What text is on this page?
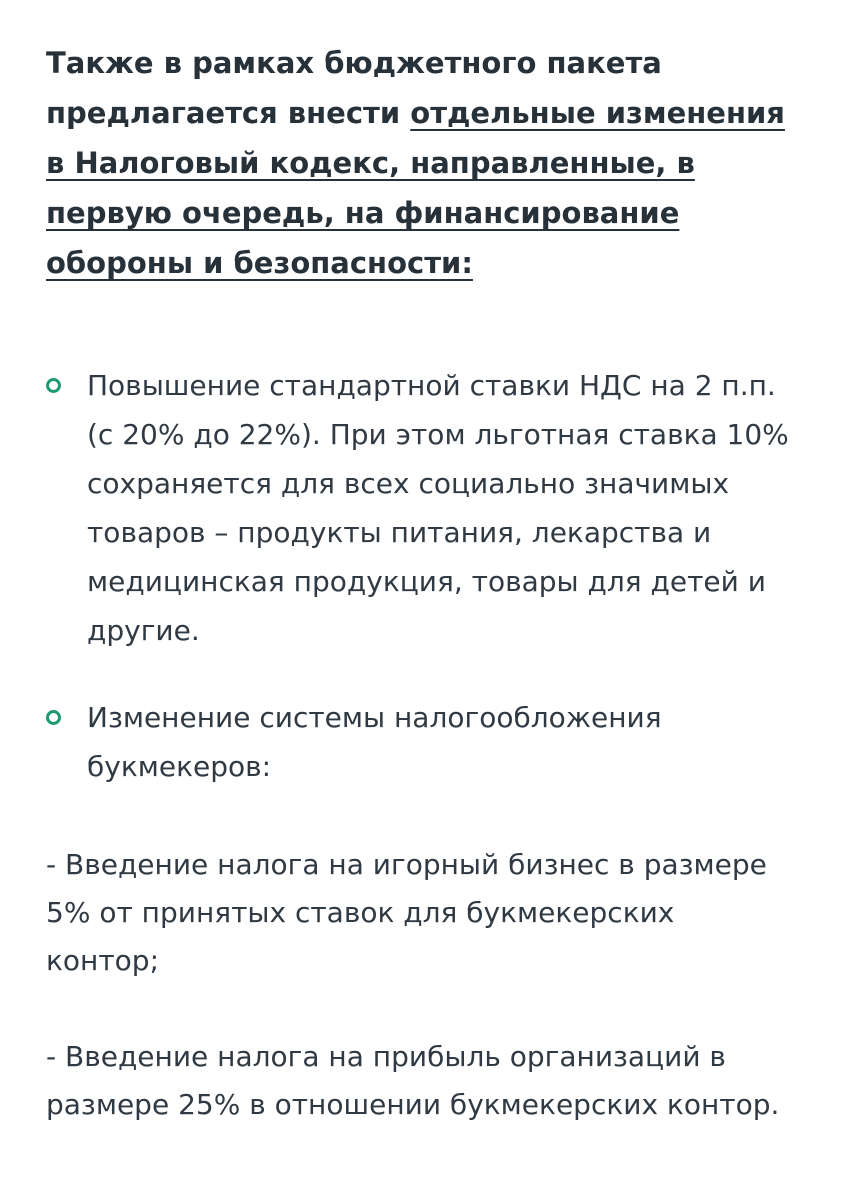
Также в рамках бюджетного пакета предлагается внести отдельные изменения в Налоговый кодекс, направленные, в первую очередь, на финансирование обороны и безопасности:

Повышение стандартной ставки НДС на 2 п.п. (с 20% до 22%). При этом льготная ставка 10% сохраняется для всех социально значимых товаров – продукты питания, лекарства и медицинская продукция, товары для детей и другие.
Изменение системы налогообложения букмекеров:

- Введение налога на игорный бизнес в размере 5% от принятых ставок для букмекерских контор;

- Введение налога на прибыль организаций в размере 25% в отношении букмекерских контор.
